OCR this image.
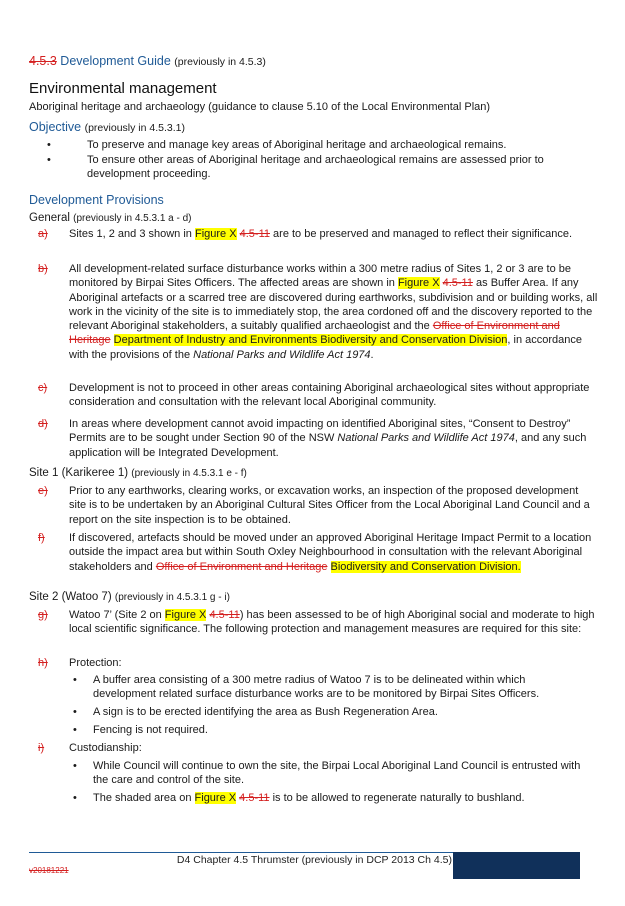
4.5.3 Development Guide (previously in 4.5.3)
Environmental management
Aboriginal heritage and archaeology (guidance to clause 5.10 of the Local Environmental Plan)
Objective (previously in 4.5.3.1)
•	To preserve and manage key areas of Aboriginal heritage and archaeological remains.
•	To ensure other areas of Aboriginal heritage and archaeological remains are assessed prior to development proceeding.
Development Provisions
General (previously in 4.5.3.1 a - d)
a) Sites 1, 2 and 3 shown in Figure X 4.5-11 are to be preserved and managed to reflect their significance.
b) All development-related surface disturbance works within a 300 metre radius of Sites 1, 2 or 3 are to be monitored by Birpai Sites Officers. The affected areas are shown in Figure X 4.5-11 as Buffer Area. If any Aboriginal artefacts or a scarred tree are discovered during earthworks, subdivision and or building works, all work in the vicinity of the site is to immediately stop, the area cordoned off and the discovery reported to the relevant Aboriginal stakeholders, a suitably qualified archaeologist and the Office of Environment and Heritage Department of Industry and Environments Biodiversity and Conservation Division, in accordance with the provisions of the National Parks and Wildlife Act 1974.
c) Development is not to proceed in other areas containing Aboriginal archaeological sites without appropriate consideration and consultation with the relevant local Aboriginal community.
d) In areas where development cannot avoid impacting on identified Aboriginal sites, “Consent to Destroy” Permits are to be sought under Section 90 of the NSW National Parks and Wildlife Act 1974, and any such application will be Integrated Development.
Site 1 (Karikeree 1) (previously in 4.5.3.1 e - f)
e) Prior to any earthworks, clearing works, or excavation works, an inspection of the proposed development site is to be undertaken by an Aboriginal Cultural Sites Officer from the Local Aboriginal Land Council and a report on the site inspection is to be obtained.
f) If discovered, artefacts should be moved under an approved Aboriginal Heritage Impact Permit to a location outside the impact area but within South Oxley Neighbourhood in consultation with the relevant Aboriginal stakeholders and Office of Environment and Heritage Biodiversity and Conservation Division.
Site 2 (Watoo 7) (previously in 4.5.3.1 g - i)
g) Watoo 7’ (Site 2 on Figure X 4.5-11) has been assessed to be of high Aboriginal social and moderate to high local scientific significance. The following protection and management measures are required for this site:
h) Protection:
• A buffer area consisting of a 300 metre radius of Watoo 7 is to be delineated within which development related surface disturbance works are to be monitored by Birpai Sites Officers.
• A sign is to be erected identifying the area as Bush Regeneration Area.
• Fencing is not required.
i) Custodianship:
• While Council will continue to own the site, the Birpai Local Aboriginal Land Council is entrusted with the care and control of the site.
• The shaded area on Figure X 4.5-11 is to be allowed to regenerate naturally to bushland.
D4 Chapter 4.5 Thrumster (previously in DCP 2013 Ch 4.5)
v20181221
